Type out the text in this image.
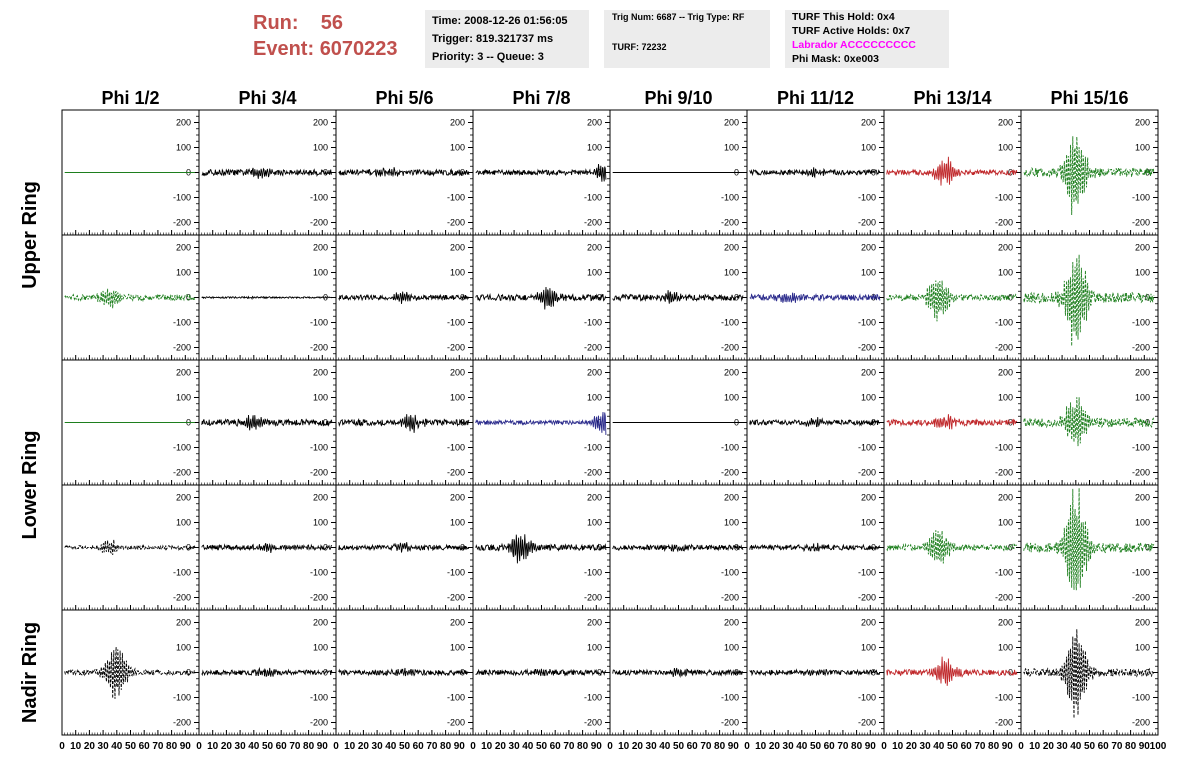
Run: 56
Event: 6070223
Time: 2008-12-26 01:56:05
Trigger: 819.321737 ms
Priority: 3 -- Queue: 3
Trig Num: 6687 -- Trig Type: RF
TURF: 72232
TURF This Hold: 0x4
TURF Active Holds: 0x7
Labrador ACCCCCCCCC
Phi Mask: 0xe003
Phi 1/2	Phi 3/4	Phi 5/6	Phi 7/8	Phi 9/10	Phi 11/12	Phi 13/14	Phi 15/16
Upper Ring
Lower Ring
Nadir Ring
200
100
0
-100
-200
200
100
0
-100
-200
200
100
0
-100
-200
200
100
0
-100
-200
200
100
0
-100
-200
200
100
0
-100
-200
200
100
0
-100
-200
200
100
0
-100
-200
200
100
0
-100
-200
200
100
0
-100
-200
200
100
0
-100
-200
200
100
0
-100
-200
200
100
0
-100
-200
200
100
0
-100
-200
200
100
0
-100
-200
200
100
0
-100
-200
200
100
0
-100
-200
200
100
0
-100
-200
200
100
0
-100
-200
200
100
0
-100
-200
200
100
0
-100
-200
200
100
0
-100
-200
200
100
0
-100
-200
200
100
0
-100
-200
200
100
0
-100
-200
200
100
0
-100
-200
200
100
0
-100
-200
200
100
0
-100
-200
200
100
0
-100
-200
200
100
0
-100
-200
200
100
0
-100
-200
200
100
0
-100
-200
200
100
0
-100
-200
200
100
0
-100
-200
200
100
0
-100
-200
200
100
0
-100
-200
200
100
0
-100
-200
200
100
0
-100
-200
200
100
0
-100
-200
200
100
0
-100
-200
0 10 20 30 40 50 60 70 80 90 0 10 20 30 40 50 60 70 80 90 0 10 20 30 40 50 60 70 80 90 0 10 20 30 40 50 60 70 80 90 0 10 20 30 40 50 60 70 80 90 0 10 20 30 40 50 60 70 80 90 0 10 20 30 40 50 60 70 80 90 0 10 20 30 40 50 60 70 80 90 100
